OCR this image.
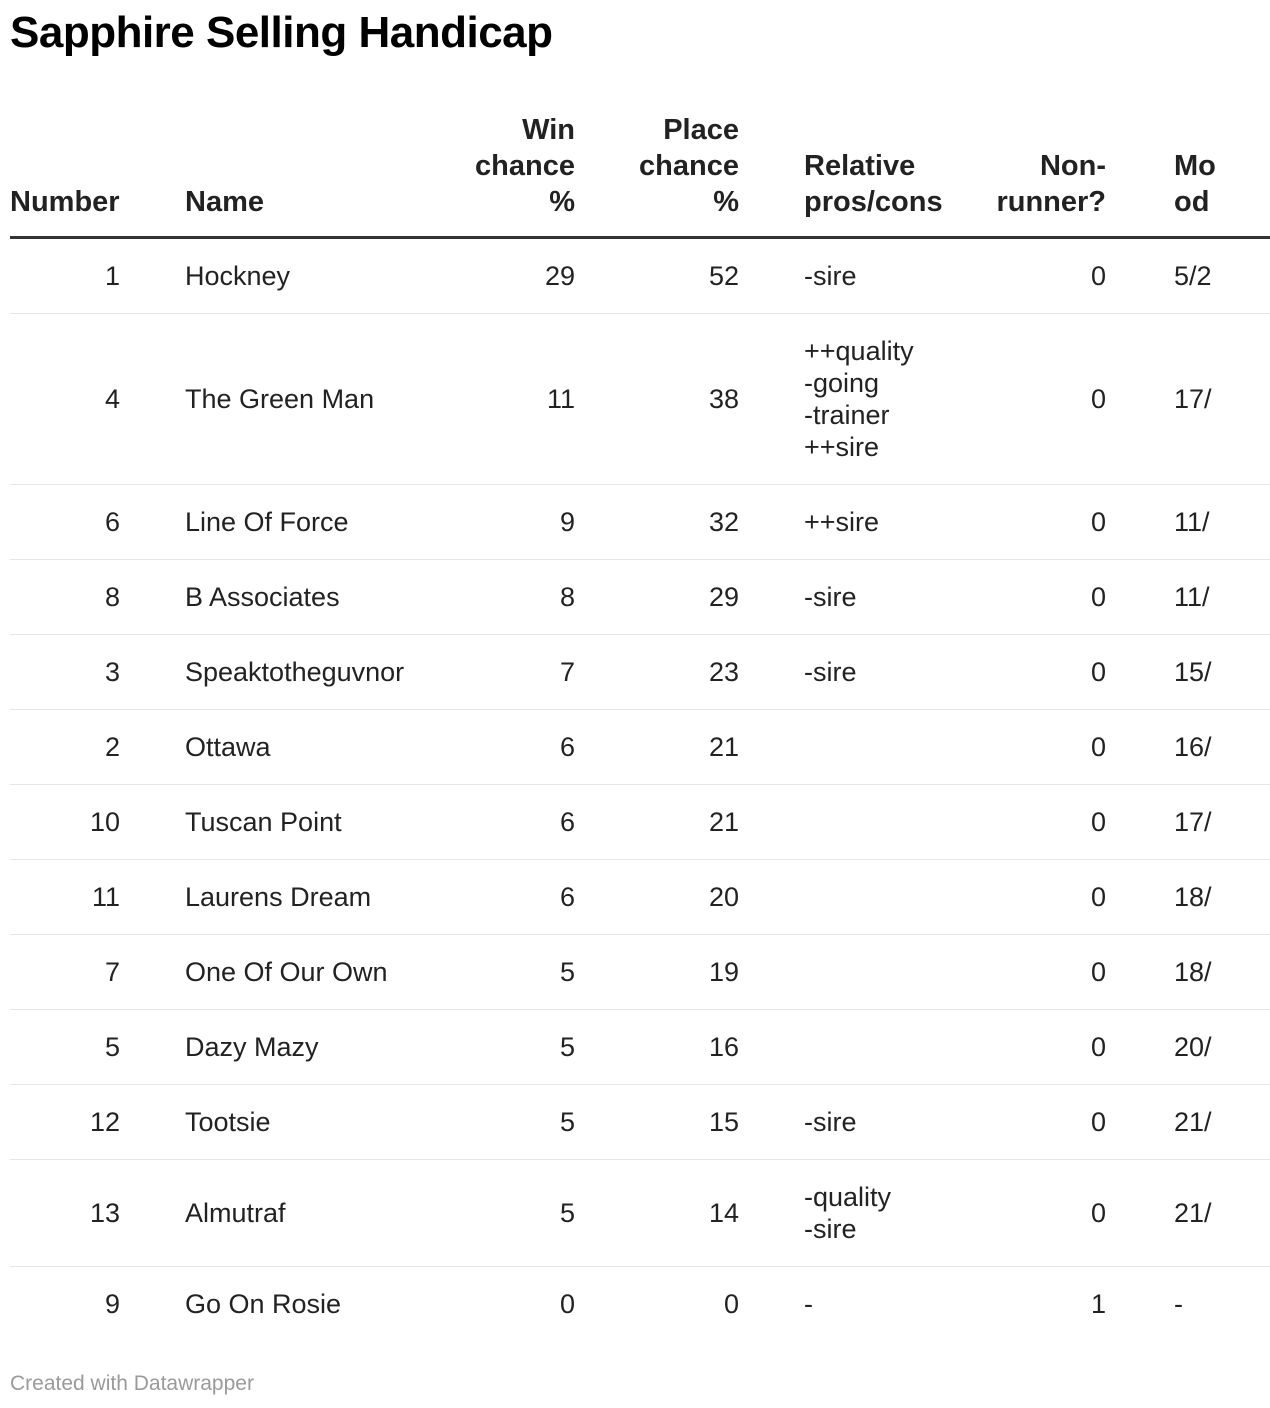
Sapphire Selling Handicap
Number	Name	Win
chance
%	Place
chance
%	Relative
pros/cons	Non-
runner?	Mo
od
1	Hockney	29	52	-sire	0	5/2
4	The Green Man	11	38	++quality
-going
-trainer
++sire	0	17/
6	Line Of Force	9	32	++sire	0	11/
8	B Associates	8	29	-sire	0	11/
3	Speaktotheguvnor	7	23	-sire	0	15/
2	Ottawa	6	21		0	16/
10	Tuscan Point	6	21		0	17/
11	Laurens Dream	6	20		0	18/
7	One Of Our Own	5	19		0	18/
5	Dazy Mazy	5	16		0	20/
12	Tootsie	5	15	-sire	0	21/
13	Almutraf	5	14	-quality
-sire	0	21/
9	Go On Rosie	0	0	-	1	-
Created with Datawrapper
